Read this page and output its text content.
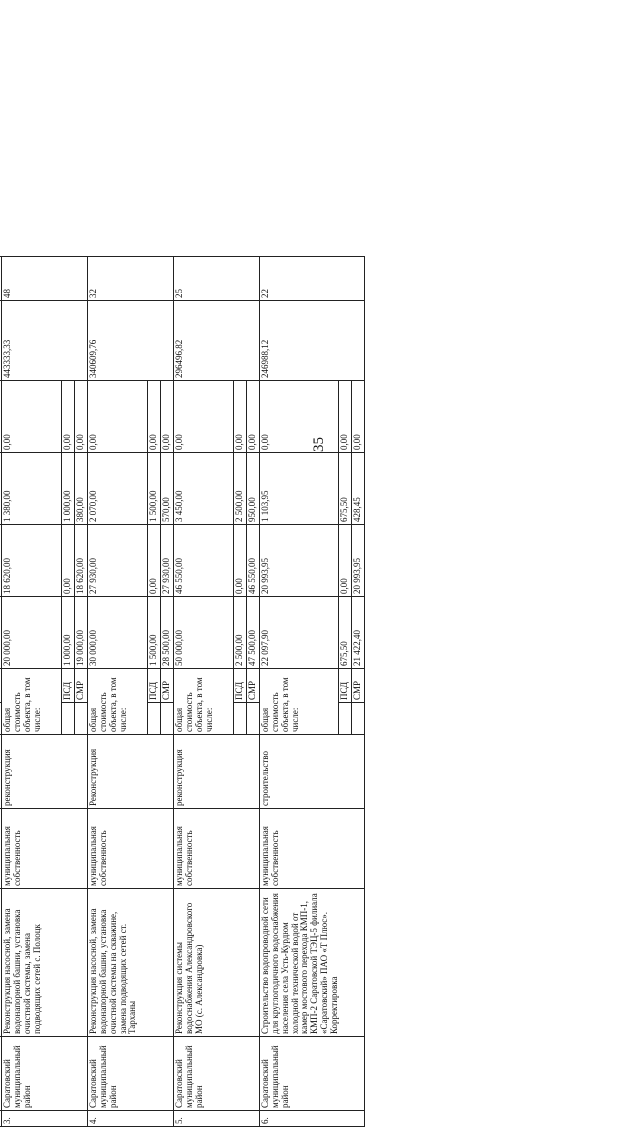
35

3.	Саратовский муниципальный район	Реконструкция насосной, замена водонапорной башни, установка очистной системы, замена подводящих сетей с. Полоцк	муниципальная собственность	реконструкция	общая стоимость объекта, в том числе:		20 000,00	18 620,00	1 380,00	0,00	443333,33	48
						ПСД	1 000,00	0,00	1 000,00	0,00		
						СМР	19 000,00	18 620,00	380,00	0,00		
4.	Саратовский муниципальный район	Реконструкция насосной, замена водонапорной башни, установка очистной системы на скважине, замена подводящих сетей ст. Тарханы	муниципальная собственность	Реконструкция	общая стоимость объекта, в том числе:		30 000,00	27 930,00	2 070,00	0,00	340609,76	32
						ПСД	1 500,00	0,00	1 500,00	0,00		
						СМР	28 500,00	27 930,00	570,00	0,00		
5.	Саратовский муниципальный район	Реконструкция системы водоснабжения Александровского МО (с. Александровка)	муниципальная собственность	реконструкция	общая стоимость объекта, в том числе:		50 000,00	46 550,00	3 450,00	0,00	296496,82	25
						ПСД	2 500,00	0,00	2 500,00	0,00		
						СМР	47 500,00	46 550,00	950,00	0,00		
6.	Саратовский муниципальный район	Строительство водопроводной сети для круглогодичного водоснабжения населения села Усть-Курдюм холодной технической водой от камер мостового перехода КМП-1, КМП-2 Саратовской ТЭЦ-5 филиала «Саратовский» ПАО «Т Плюс». Корректировка	муниципальная собственность	строительство	общая стоимость объекта, в том числе:		22 097,90	20 993,95	1 103,95	0,00	246988,12	22
						ПСД	675,50	0,00	675,50	0,00		
						СМР	21 422,40	20 993,95	428,45	0,00		
